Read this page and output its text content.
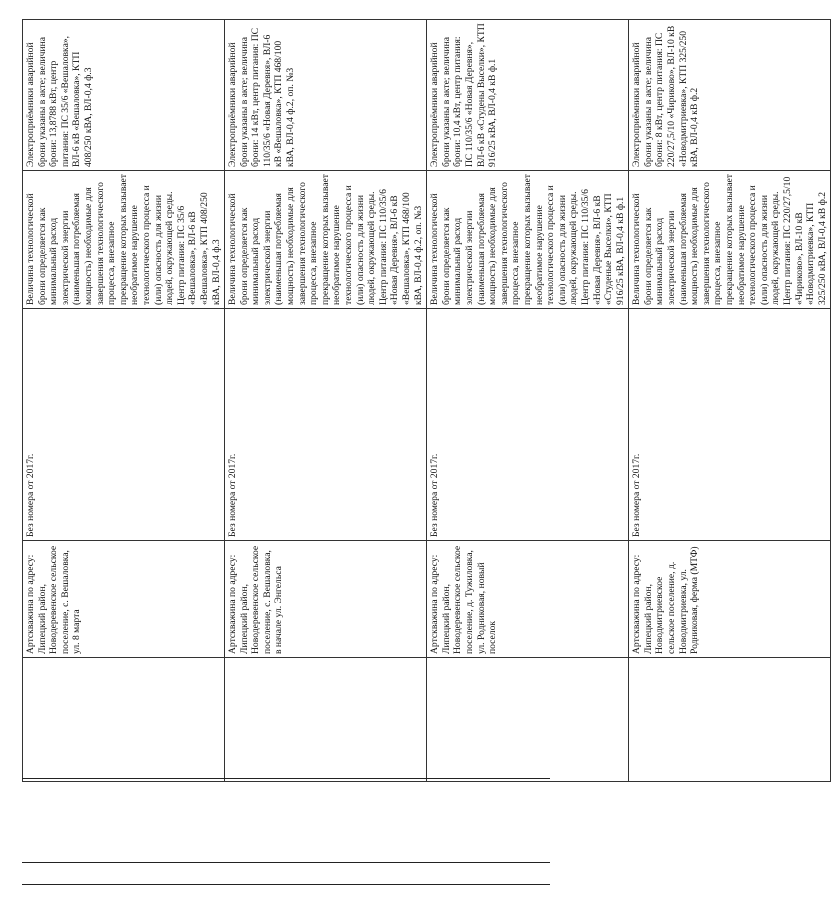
	Артскважина по адресу: Липецкий район, Новодеревенское сельское поселение, с. Вешаловка, ул. 8 марта	Без номера от 2017г.	Величина технологической брони определяется как минимальный расход электрической энергии (наименьшая потребляемая мощность) необходимые для завершения технологического процесса, внезапное прекращение которых вызывает необратимое нарушение технологического процесса и (или) опасность для жизни людей, окружающей среды. Центр питания: ПС 35/6 «Вешаловка», ВЛ-6 кВ «Вешаловка», КТП 408/250 кВА, ВЛ-0,4 ф.3	Электроприёмники аварийной брони указаны в акте; величина брони: 13,8788 кВт, центр питания: ПС 35/6 «Вешаловка», ВЛ-6 кВ «Вешаловка», КТП 408/250 кВА, ВЛ-0,4 ф.3
	Артскважина по адресу: Липецкий район, Новодеревенское сельское поселение, с. Вешаловка, в начале ул. Энгельса	Без номера от 2017г.	Величина технологической брони определяется как минимальный расход электрической энергии (наименьшая потребляемая мощность) необходимые для завершения технологического процесса, внезапное прекращение которых вызывает необратимое нарушение технологического процесса и (или) опасность для жизни людей, окружающей среды. Центр питания: ПС 110/35/6 «Новая Деревня», ВЛ-6 кВ «Вешаловка», КТП 468/100 кВА, ВЛ-0,4 ф.2, оп. №3	Электроприёмники аварийной брони указаны в акте; величина брони: 14 кВт, центр питания: ПС 110/35/6 «Новая Деревня», ВЛ-6 кВ «Вешаловка», КТП 468/100 кВА, ВЛ-0,4 ф.2, оп. №3
	Артскважина по адресу: Липецкий район, Новодеревенское сельское поселение, д. Тужиловка, ул. Родниковая, новый поселок	Без номера от 2017г.	Величина технологической брони определяется как минимальный расход электрической энергии (наименьшая потребляемая мощность) необходимые для завершения технологического процесса, внезапное прекращение которых вызывает необратимое нарушение технологического процесса и (или) опасность для жизни людей, окружающей среды. Центр питания: ПС 110/35/6 «Новая Деревня», ВЛ-6 кВ «Студеные Выселки», КТП 916/25 кВА, ВЛ-0,4 кВ ф.1	Электроприёмники аварийной брони указаны в акте; величина брони: 10,4 кВт, центр питания: ПС 110/35/6 «Новая Деревня», ВЛ-6 кВ «Студены Выселки», КТП 916/25 кВА, ВЛ-0,4 кВ ф.1
	Артскважина по адресу: Липецкий район, Новодмитриевское сельское поселение, д. Новодмитриевка, ул. Родниковая, ферма (МТФ)	Без номера от 2017г.	Величина технологической брони определяется как минимальный расход электрической энергии (наименьшая потребляемая мощность) необходимые для завершения технологического процесса, внезапное прекращение которых вызывает необратимое нарушение технологического процесса и (или) опасность для жизни людей, окружающей среды. Центр питания: ПС 220/27,5/10 «Чириково», ВЛ-10 кВ «Новодмитриевка», КТП 325/250 кВА, ВЛ-0,4 кВ ф.2	Электроприёмники аварийной брони указаны в акте; величина брони: 8 кВт, центр питания: ПС 220/27,5/10 «Чириково», ВЛ-10 кВ «Новодмитриевка», КТП 325/250 кВА, ВЛ-0,4 кВ ф.2
